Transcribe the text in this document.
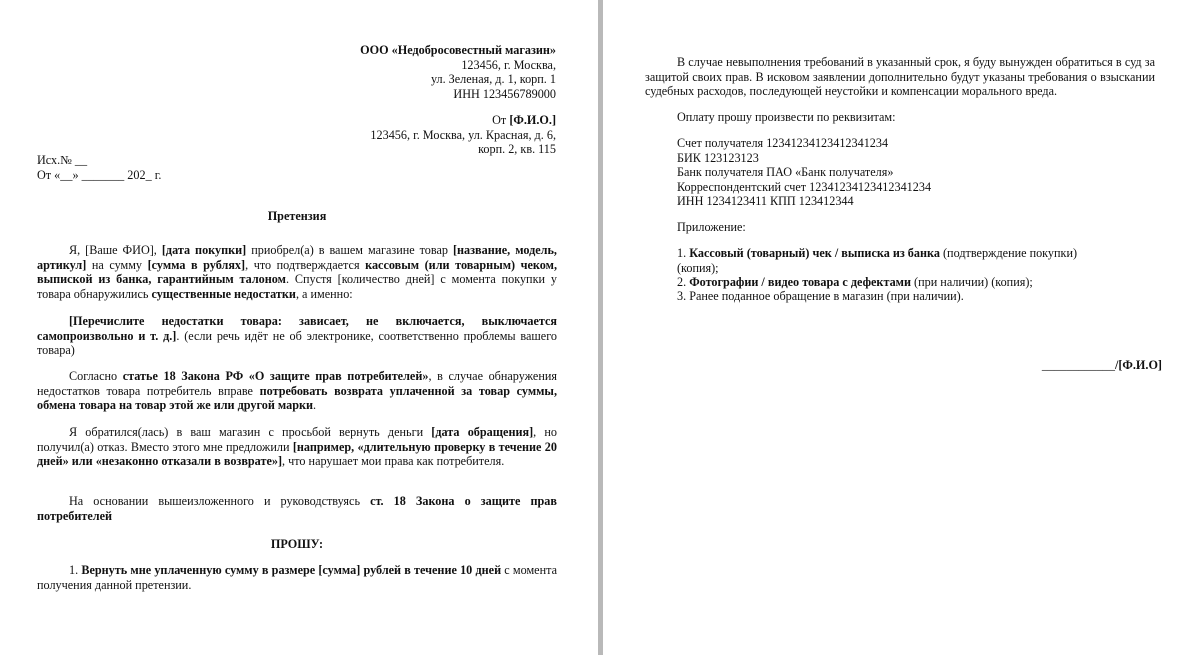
ООО «Недобросовестный магазин»
123456, г. Москва,
ул. Зеленая, д. 1, корп. 1
ИНН 123456789000
От [Ф.И.О.]
123456, г. Москва, ул. Красная, д. 6,
корп. 2, кв. 115
Исх.№ __
От «__» _______ 202_ г.
Претензия
Я, [Ваше ФИО], [дата покупки] приобрел(а) в вашем магазине товар [название, модель, артикул] на сумму [сумма в рублях], что подтверждается кассовым (или товарным) чеком, выпиской из банка, гарантийным талоном. Спустя [количество дней] с момента покупки у товара обнаружились существенные недостатки, а именно:
[Перечислите недостатки товара: зависает, не включается, выключается самопроизвольно и т. д.]. (если речь идёт не об электронике, соответственно проблемы вашего товара)
Согласно статье 18 Закона РФ «О защите прав потребителей», в случае обнаружения недостатков товара потребитель вправе потребовать возврата уплаченной за товар суммы, обмена товара на товар этой же или другой марки.
Я обратился(лась) в ваш магазин с просьбой вернуть деньги [дата обращения], но получил(а) отказ. Вместо этого мне предложили [например, «длительную проверку в течение 20 дней» или «незаконно отказали в возврате»], что нарушает мои права как потребителя.
На основании вышеизложенного и руководствуясь ст. 18 Закона о защите прав потребителей
ПРОШУ:
1. Вернуть мне уплаченную сумму в размере [сумма] рублей в течение 10 дней с момента получения данной претензии.
В случае невыполнения требований в указанный срок, я буду вынужден обратиться в суд за защитой своих прав. В исковом заявлении дополнительно будут указаны требования о взыскании судебных расходов, последующей неустойки и компенсации морального вреда.
Оплату прошу произвести по реквизитам:
Счет получателя 12341234123412341234
БИК 123123123
Банк получателя ПАО «Банк получателя»
Корреспондентский счет 12341234123412341234
ИНН 1234123411 КПП 123412344
Приложение:
1. Кассовый (товарный) чек / выписка из банка (подтверждение покупки) (копия);
2. Фотографии / видео товара с дефектами (при наличии) (копия);
3. Ранее поданное обращение в магазин (при наличии).
____________/[Ф.И.О]
